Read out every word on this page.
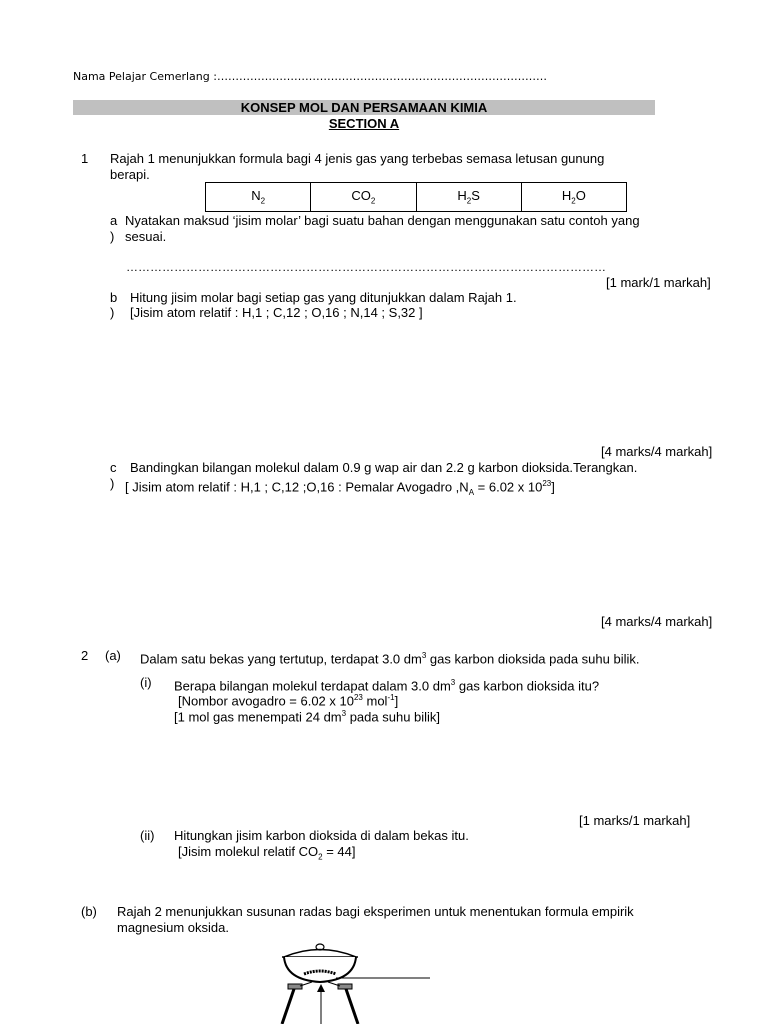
Nama Pelajar Cemerlang :………………………………………………………………………………
KONSEP MOL DAN PERSAMAAN KIMIA
SECTION A
1 Rajah 1 menunjukkan formula bagi 4 jenis gas yang terbebas semasa letusan gunung
berapi.
$N_2$	$CO_2$	$H_2S$	$H_2O$
a
)
Nyatakan maksud ‘jisim molar’ bagi suatu bahan dengan menggunakan satu contoh yang
sesuai.
…………………………………………………………………………………………………………
[1 mark/1 markah]
b
)
Hitung jisim molar bagi setiap gas yang ditunjukkan dalam Rajah 1.
[Jisim atom relatif : H,1 ; C,12 ; O,16 ; N,14 ; S,32 ]
[4 marks/4 markah]
c
)
Bandingkan bilangan molekul dalam 0.9 g wap air dan 2.2 g karbon dioksida.Terangkan.
[ Jisim atom relatif : H,1 ; C,12 ;O,16 : Pemalar Avogadro $,N_A = 6.02$ x $10^{23}$]
[4 marks/4 markah]
2 (a) Dalam satu bekas yang tertutup, terdapat 3.0 $dm^3$ gas karbon dioksida pada suhu bilik.
(i) Berapa bilangan molekul terdapat dalam 3.0 $dm^3$ gas karbon dioksida itu?
[Nombor avogadro = 6.02 x $10^{23}$ mol$^{-1}$]
[1 mol gas menempati 24 $dm^3$ pada suhu bilik]
[1 marks/1 markah]
(ii) Hitungkan jisim karbon dioksida di dalam bekas itu.
[Jisim molekul relatif $CO_2 = 44$]
(b) Rajah 2 menunjukkan susunan radas bagi eksperimen untuk menentukan formula empirik
magnesium oksida.
